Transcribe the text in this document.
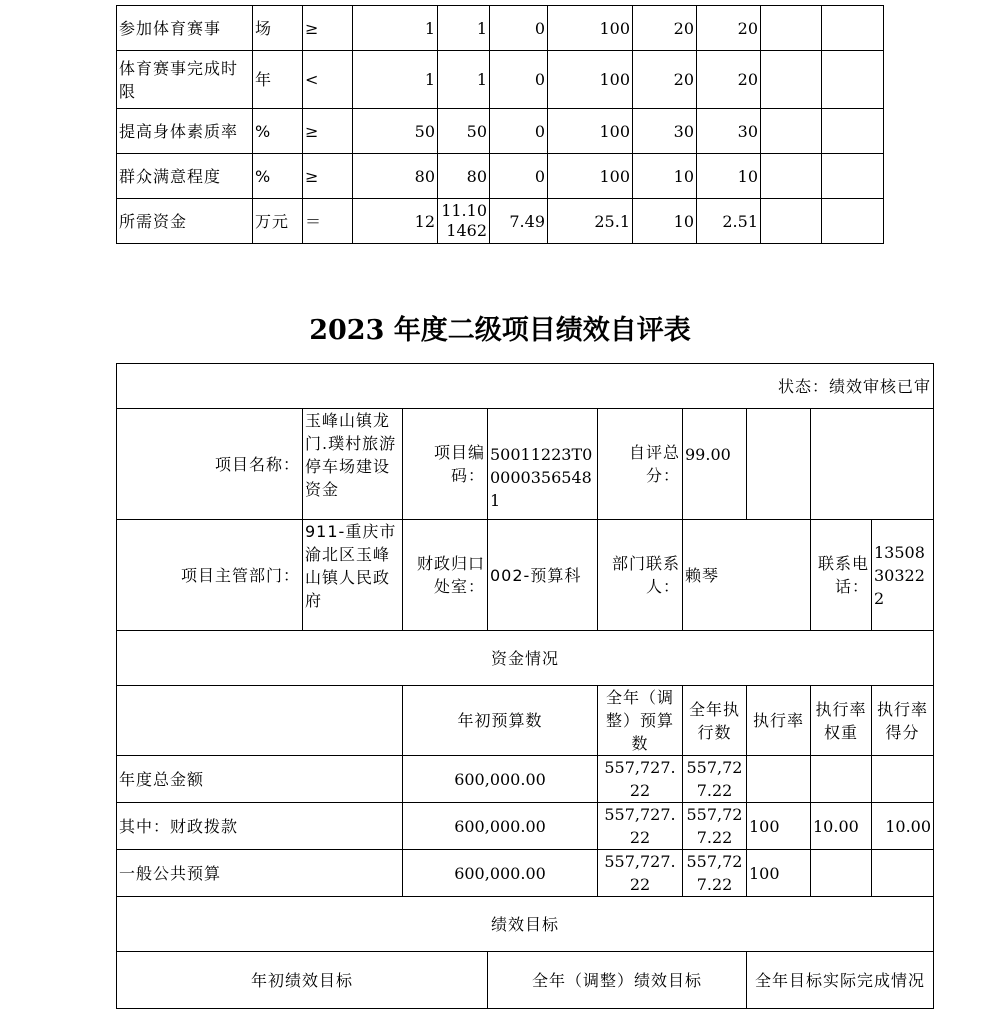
参加体育赛事	场	≥	1	1	0	100	20	20		
体育赛事完成时限	年	<	1	1	0	100	20	20		
提高身体素质率	%	≥	50	50	0	100	30	30		
群众满意程度	%	≥	80	80	0	100	10	10		
所需资金	万元	＝	12	11.101462	7.49	25.1	10	2.51		
2023 年度二级项目绩效自评表
状态：绩效审核已审								
项目名称：	玉峰山镇龙门.璞村旅游停车场建设资金	项目编码：	50011223T000003565481	自评总分：	99.00			
项目主管部门：	911-重庆市渝北区玉峰山镇人民政府	财政归口处室：	002-预算科	部门联系人：	赖琴		联系电话：	13508303222
资金情况								
		年初预算数		全年（调整）预算数	全年执行数	执行率	执行率权重	执行率得分
年度总金额		600,000.00		557,727.22	557,727.22			
其中：财政拨款		600,000.00		557,727.22	557,727.22	100	10.00	10.00
一般公共预算		600,000.00		557,727.22	557,727.22	100		
绩效目标								
年初绩效目标			全年（调整）绩效目标			全年目标实际完成情况		
